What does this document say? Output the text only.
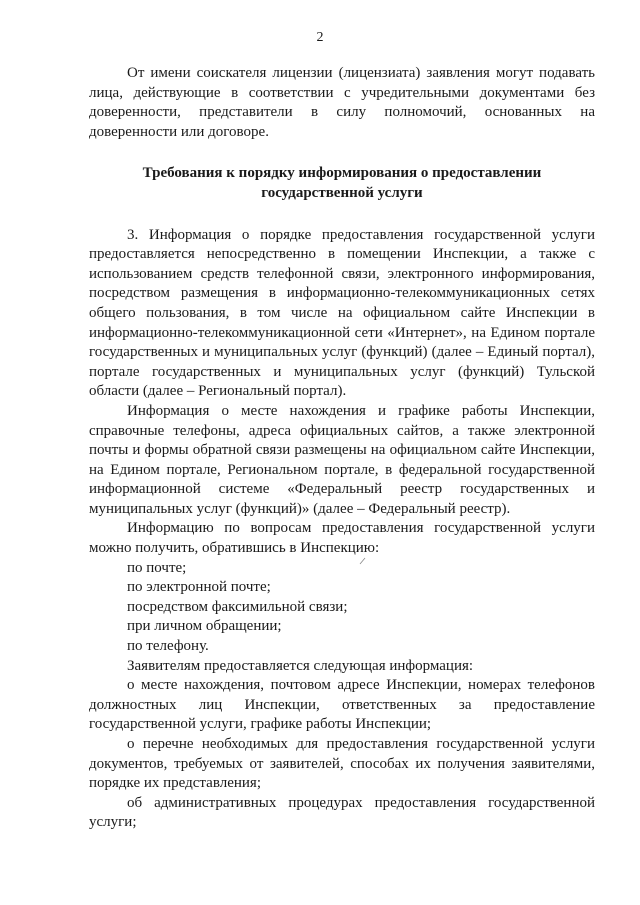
2

От имени соискателя лицензии (лицензиата) заявления могут подавать лица, действующие в соответствии с учредительными документами без доверенности, представители в силу полномочий, основанных на доверенности или договоре.

Требования к порядку информирования о предоставлении государственной услуги

3. Информация о порядке предоставления государственной услуги предоставляется непосредственно в помещении Инспекции, а также с использованием средств телефонной связи, электронного информирования, посредством размещения в информационно-телекоммуникационных сетях общего пользования, в том числе на официальном сайте Инспекции в информационно-телекоммуникационной сети «Интернет», на Едином портале государственных и муниципальных услуг (функций) (далее – Единый портал), портале государственных и муниципальных услуг (функций) Тульской области (далее – Региональный портал).

Информация о месте нахождения и графике работы Инспекции, справочные телефоны, адреса официальных сайтов, а также электронной почты и формы обратной связи размещены на официальном сайте Инспекции, на Едином портале, Региональном портале, в федеральной государственной информационной системе «Федеральный реестр государственных и муниципальных услуг (функций)» (далее – Федеральный реестр).

Информацию по вопросам предоставления государственной услуги можно получить, обратившись в Инспекцию:

по почте;

по электронной почте;

посредством факсимильной связи;

при личном обращении;

по телефону.

Заявителям предоставляется следующая информация:

о месте нахождения, почтовом адресе Инспекции, номерах телефонов должностных лиц Инспекции, ответственных за предоставление государственной услуги, графике работы Инспекции;

о перечне необходимых для предоставления государственной услуги документов, требуемых от заявителей, способах их получения заявителями, порядке их представления;

об административных процедурах предоставления государственной услуги;
